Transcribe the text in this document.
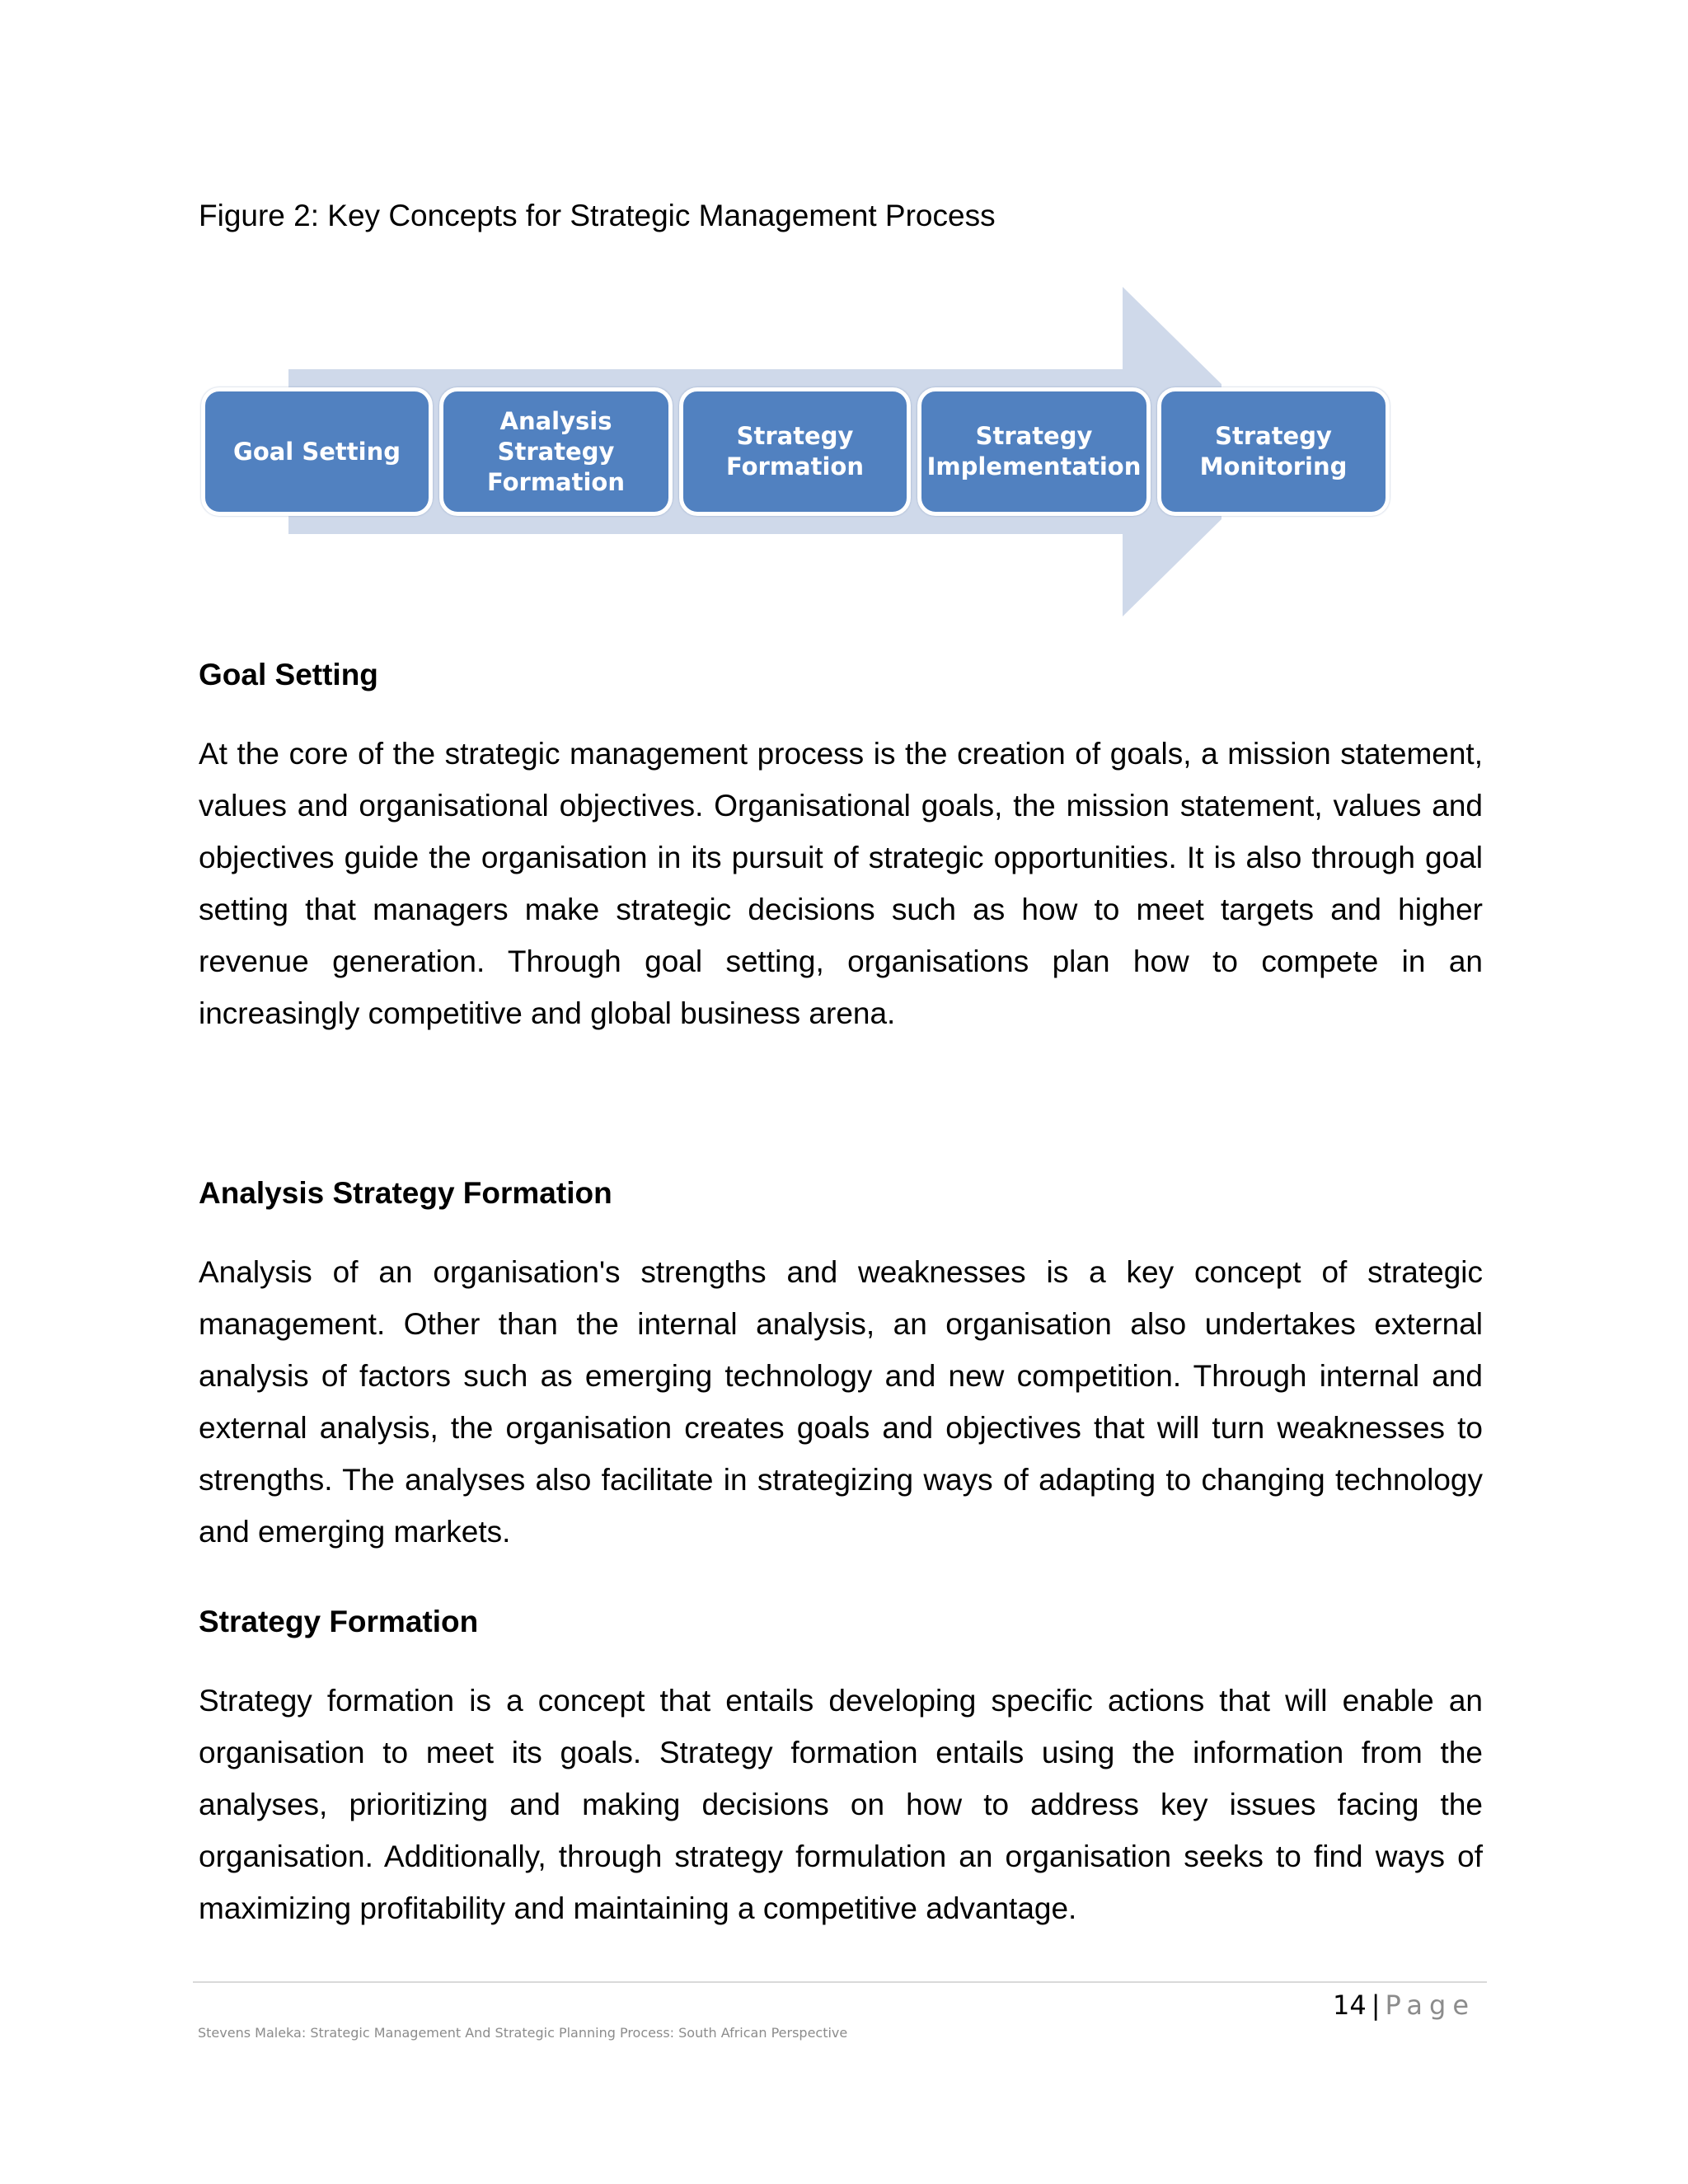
Figure 2: Key Concepts for Strategic Management Process
Goal Setting
Analysis Strategy
Formation
Strategy
Formation
Strategy
Implementation
Strategy
Monitoring
Goal Setting

At the core of the strategic management process is the creation of goals, a mission statement, values and organisational objectives. Organisational goals, the mission statement, values and objectives guide the organisation in its pursuit of strategic opportunities. It is also through goal setting that managers make strategic decisions such as how to meet targets and higher revenue generation. Through goal setting, organisations plan how to compete in an increasingly competitive and global business arena.

Analysis Strategy Formation

Analysis of an organisation's strengths and weaknesses is a key concept of strategic management. Other than the internal analysis, an organisation also undertakes external analysis of factors such as emerging technology and new competition. Through internal and external analysis, the organisation creates goals and objectives that will turn weaknesses to strengths. The analyses also facilitate in strategizing ways of adapting to changing technology and emerging markets.

Strategy Formation

Strategy formation is a concept that entails developing specific actions that will enable an organisation to meet its goals. Strategy formation entails using the information from the analyses, prioritizing and making decisions on how to address key issues facing the organisation. Additionally, through strategy formulation an organisation seeks to find ways of maximizing profitability and maintaining a competitive advantage.

14 | Page
Stevens Maleka: Strategic Management And Strategic Planning Process: South African Perspective
